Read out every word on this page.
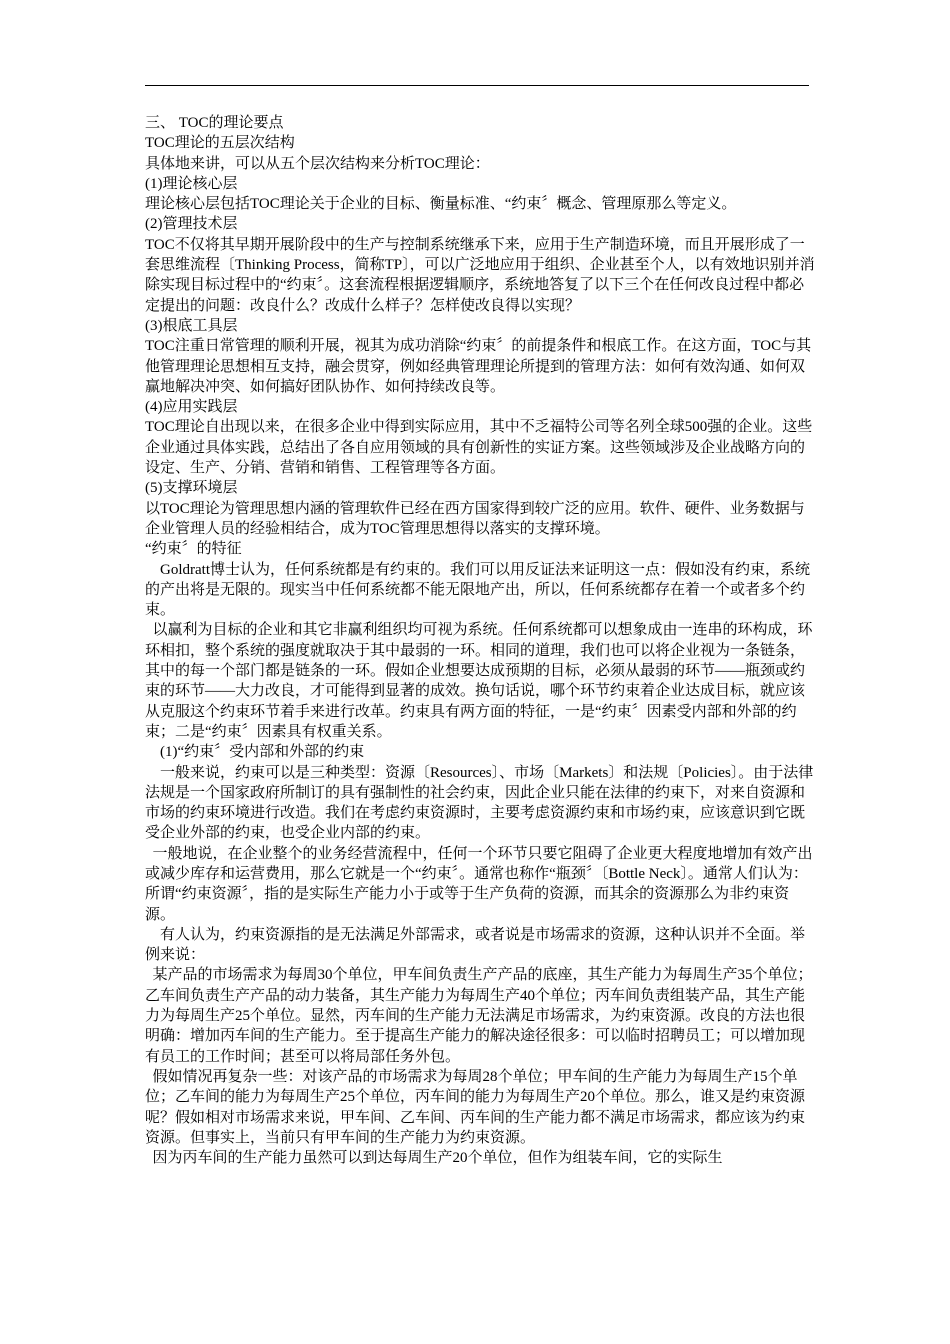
三、 TOC的理论要点

TOC理论的五层次结构

具体地来讲，可以从五个层次结构来分析TOC理论：

(1)理论核心层

理论核心层包括TOC理论关于企业的目标、衡量标准、“约束〞概念、管理原那么等定义。

(2)管理技术层

TOC不仅将其早期开展阶段中的生产与控制系统继承下来，应用于生产制造环境，而且开展形成了一套思维流程〔Thinking Process，简称TP〕，可以广泛地应用于组织、企业甚至个人，以有效地识别并消除实现目标过程中的“约束〞。这套流程根据逻辑顺序，系统地答复了以下三个在任何改良过程中都必定提出的问题：改良什么？改成什么样子？怎样使改良得以实现？

(3)根底工具层

TOC注重日常管理的顺利开展，视其为成功消除“约束〞的前提条件和根底工作。在这方面，TOC与其他管理理论思想相互支持，融会贯穿，例如经典管理理论所提到的管理方法：如何有效沟通、如何双赢地解决冲突、如何搞好团队协作、如何持续改良等。

(4)应用实践层

TOC理论自出现以来，在很多企业中得到实际应用，其中不乏福特公司等名列全球500强的企业。这些企业通过具体实践，总结出了各自应用领域的具有创新性的实证方案。这些领域涉及企业战略方向的设定、生产、分销、营销和销售、工程管理等各方面。

(5)支撑环境层

以TOC理论为管理思想内涵的管理软件已经在西方国家得到较广泛的应用。软件、硬件、业务数据与企业管理人员的经验相结合，成为TOC管理思想得以落实的支撑环境。

“约束〞的特征

Goldratt博士认为，任何系统都是有约束的。我们可以用反证法来证明这一点：假如没有约束，系统的产出将是无限的。现实当中任何系统都不能无限地产出，所以，任何系统都存在着一个或者多个约束。

以赢利为目标的企业和其它非赢利组织均可视为系统。任何系统都可以想象成由一连串的环构成，环环相扣，整个系统的强度就取决于其中最弱的一环。相同的道理，我们也可以将企业视为一条链条，其中的每一个部门都是链条的一环。假如企业想要达成预期的目标，必须从最弱的环节——瓶颈或约束的环节——大力改良，才可能得到显著的成效。换句话说，哪个环节约束着企业达成目标，就应该从克服这个约束环节着手来进行改革。约束具有两方面的特征，一是“约束〞因素受内部和外部的约束；二是“约束〞因素具有权重关系。

(1)“约束〞受内部和外部的约束

一般来说，约束可以是三种类型：资源〔Resources〕、市场〔Markets〕和法规〔Policies〕。由于法律法规是一个国家政府所制订的具有强制性的社会约束，因此企业只能在法律的约束下，对来自资源和市场的约束环境进行改造。我们在考虑约束资源时，主要考虑资源约束和市场约束，应该意识到它既受企业外部的约束，也受企业内部的约束。

一般地说，在企业整个的业务经营流程中，任何一个环节只要它阻碍了企业更大程度地增加有效产出或减少库存和运营费用，那么它就是一个“约束〞。通常也称作“瓶颈〞〔Bottle Neck〕。通常人们认为：所谓“约束资源〞，指的是实际生产能力小于或等于生产负荷的资源，而其余的资源那么为非约束资源。

有人认为，约束资源指的是无法满足外部需求，或者说是市场需求的资源，这种认识并不全面。举例来说：

某产品的市场需求为每周30个单位，甲车间负责生产产品的底座，其生产能力为每周生产35个单位；乙车间负责生产产品的动力装备，其生产能力为每周生产40个单位；丙车间负责组装产品，其生产能力为每周生产25个单位。显然，丙车间的生产能力无法满足市场需求，为约束资源。改良的方法也很明确：增加丙车间的生产能力。至于提高生产能力的解决途径很多：可以临时招聘员工；可以增加现有员工的工作时间；甚至可以将局部任务外包。

假如情况再复杂一些：对该产品的市场需求为每周28个单位；甲车间的生产能力为每周生产15个单位；乙车间的能力为每周生产25个单位，丙车间的能力为每周生产20个单位。那么，谁又是约束资源呢？假如相对市场需求来说，甲车间、乙车间、丙车间的生产能力都不满足市场需求，都应该为约束资源。但事实上，当前只有甲车间的生产能力为约束资源。

因为丙车间的生产能力虽然可以到达每周生产20个单位，但作为组装车间，它的实际生
